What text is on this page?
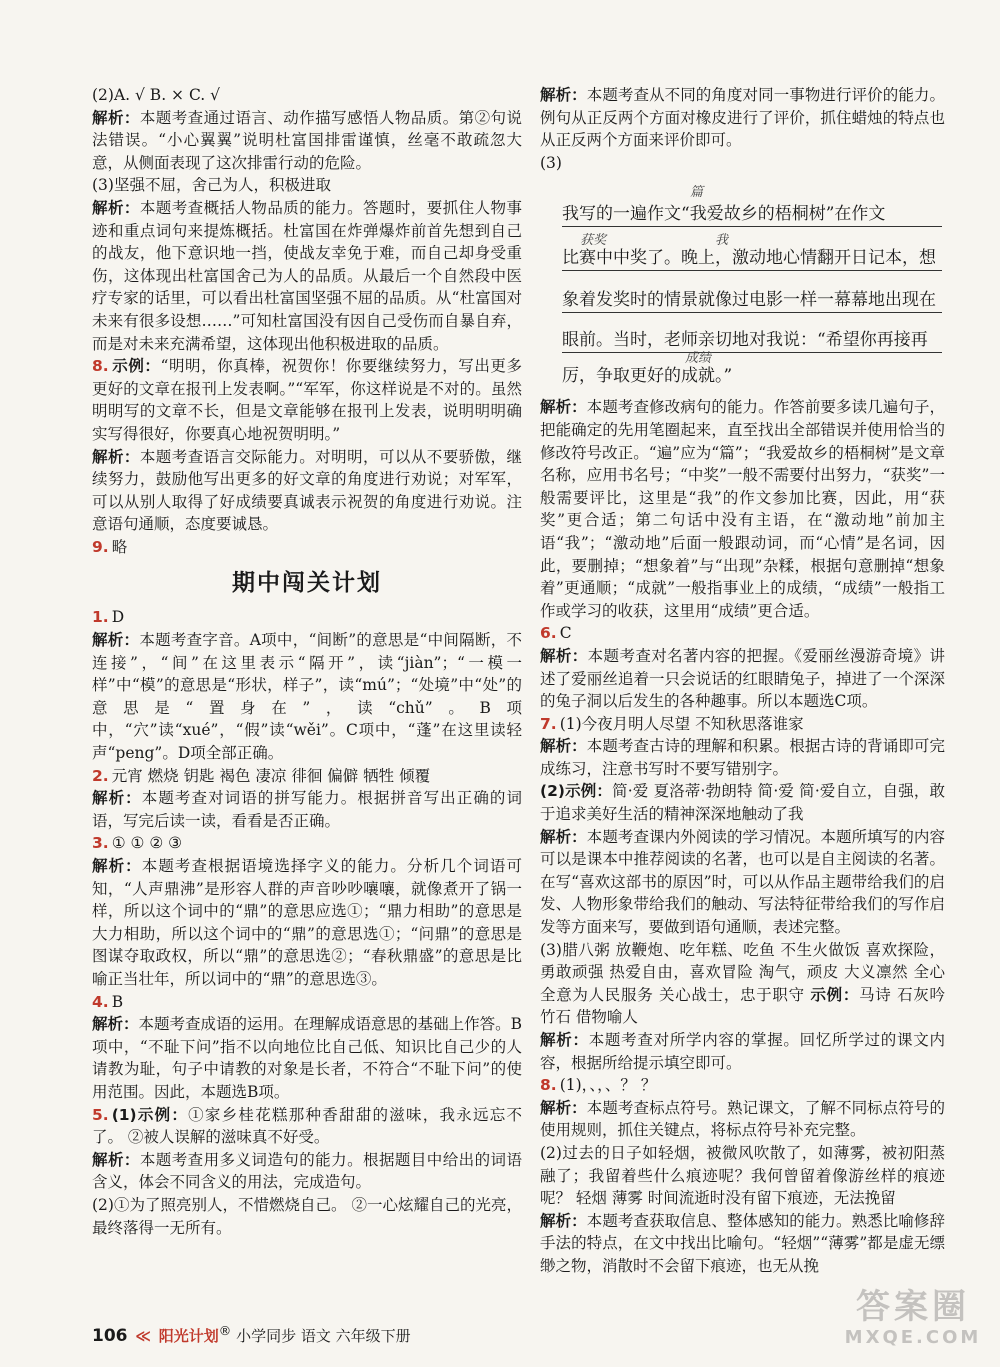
(2)A. √ B. × C. √

解析：本题考查通过语言、动作描写感悟人物品质。第②句说法错误。“小心翼翼”说明杜富国排雷谨慎，丝毫不敢疏忽大意，从侧面表现了这次排雷行动的危险。

(3)坚强不屈，舍己为人，积极进取

解析：本题考查概括人物品质的能力。答题时，要抓住人物事迹和重点词句来提炼概括。杜富国在炸弹爆炸前首先想到自己的战友，他下意识地一挡，使战友幸免于难，而自己却身受重伤，这体现出杜富国舍己为人的品质。从最后一个自然段中医疗专家的话里，可以看出杜富国坚强不屈的品质。从“杜富国对未来有很多设想……”可知杜富国没有因自己受伤而自暴自弃，而是对未来充满希望，这体现出他积极进取的品质。

8. 示例：“明明，你真棒，祝贺你！你要继续努力，写出更多更好的文章在报刊上发表啊。”“军军，你这样说是不对的。虽然明明写的文章不长，但是文章能够在报刊上发表，说明明明确实写得很好，你要真心地祝贺明明。”

解析：本题考查语言交际能力。对明明，可以从不要骄傲，继续努力，鼓励他写出更多的好文章的角度进行劝说；对军军，可以从别人取得了好成绩要真诚表示祝贺的角度进行劝说。注意语句通顺，态度要诚恳。

9. 略

期中闯关计划

1. D

解析：本题考查字音。A项中，“间断”的意思是“中间隔断，不连接”，“间”在这里表示“隔开”，读“jiàn”；“一模一样”中“模”的意思是“形状，样子”，读“mú”；“处境”中“处”的意思是“置身在”，读“chǔ”。B项中，“穴”读“xué”，“假”读“wěi”。C项中，“蓬”在这里读轻声“peng”。D项全部正确。

2. 元宵 燃烧 钥匙 褐色 凄凉 徘徊 偏僻 牺牲 倾覆

解析：本题考查对词语的拼写能力。根据拼音写出正确的词语，写完后读一读，看看是否正确。

3. ① ① ② ③

解析：本题考查根据语境选择字义的能力。分析几个词语可知，“人声鼎沸”是形容人群的声音吵吵嚷嚷，就像煮开了锅一样，所以这个词中的“鼎”的意思应选①；“鼎力相助”的意思是大力相助，所以这个词中的“鼎”的意思选①；“问鼎”的意思是图谋夺取政权，所以“鼎”的意思选②；“春秋鼎盛”的意思是比喻正当壮年，所以词中的“鼎”的意思选③。

4. B

解析：本题考查成语的运用。在理解成语意思的基础上作答。B项中，“不耻下问”指不以向地位比自己低、知识比自己少的人请教为耻，句子中请教的对象是长者，不符合“不耻下问”的使用范围。因此，本题选B项。

5. (1)示例：①家乡桂花糕那种香甜甜的滋味，我永远忘不了。 ②被人误解的滋味真不好受。

解析：本题考查用多义词造句的能力。根据题目中给出的词语含义，体会不同含义的用法，完成造句。

(2)①为了照亮别人，不惜燃烧自己。 ②一心炫耀自己的光亮，最终落得一无所有。

解析：本题考查从不同的角度对同一事物进行评价的能力。例句从正反两个方面对橡皮进行了评价，抓住蜡烛的特点也从正反两个方面来评价即可。

(3)

篇
我写的一遍作文“我爱故乡的梧桐树”在作文
获奖	我
比赛中中奖了。晚上，激动地心情翻开日记本，想
象着发奖时的情景就像过电影一样一幕幕地出现在
眼前。当时，老师亲切地对我说：“希望你再接再
成绩
厉，争取更好的成就。”

解析：本题考查修改病句的能力。作答前要多读几遍句子，把能确定的先用笔圈起来，直至找出全部错误并使用恰当的修改符号改正。“遍”应为“篇”；“我爱故乡的梧桐树”是文章名称，应用书名号；“中奖”一般不需要付出努力，“获奖”一般需要评比，这里是“我”的作文参加比赛，因此，用“获奖”更合适；第二句话中没有主语，在“激动地”前加主语“我”；“激动地”后面一般跟动词，而“心情”是名词，因此，要删掉；“想象着”与“出现”杂糅，根据句意删掉“想象着”更通顺；“成就”一般指事业上的成绩，“成绩”一般指工作或学习的收获，这里用“成绩”更合适。

6. C

解析：本题考查对名著内容的把握。《爱丽丝漫游奇境》讲述了爱丽丝追着一只会说话的红眼睛兔子，掉进了一个深深的兔子洞以后发生的各种趣事。所以本题选C项。

7. (1)今夜月明人尽望 不知秋思落谁家

解析：本题考查古诗的理解和积累。根据古诗的背诵即可完成练习，注意书写时不要写错别字。

(2)示例：简·爱 夏洛蒂·勃朗特 简·爱 简·爱自立，自强，敢于追求美好生活的精神深深地触动了我

解析：本题考查课内外阅读的学习情况。本题所填写的内容可以是课本中推荐阅读的名著，也可以是自主阅读的名著。在写“喜欢这部书的原因”时，可以从作品主题带给我们的启发、人物形象带给我们的触动、写法特征带给我们的写作启发等方面来写，要做到语句通顺，表述完整。

(3)腊八粥 放鞭炮、吃年糕、吃鱼 不生火做饭 喜欢探险，勇敢顽强 热爱自由，喜欢冒险 淘气，顽皮 大义凛然 全心全意为人民服务 关心战士，忠于职守 示例：马诗 石灰吟 竹石 借物喻人

解析：本题考查对所学内容的掌握。回忆所学过的课文内容，根据所给提示填空即可。

8. (1)，、，、？ ？

解析：本题考查标点符号。熟记课文，了解不同标点符号的使用规则，抓住关键点，将标点符号补充完整。

(2)过去的日子如轻烟，被微风吹散了，如薄雾，被初阳蒸融了；我留着些什么痕迹呢？我何曾留着像游丝样的痕迹呢？ 轻烟 薄雾 时间流逝时没有留下痕迹，无法挽留

解析：本题考查获取信息、整体感知的能力。熟悉比喻修辞手法的特点，在文中找出比喻句。“轻烟”“薄雾”都是虚无缥缈之物，消散时不会留下痕迹，也无从挽

106 ≪ 阳光计划® 小学同步 语文 六年级下册
答案圈
MXQE.COM
